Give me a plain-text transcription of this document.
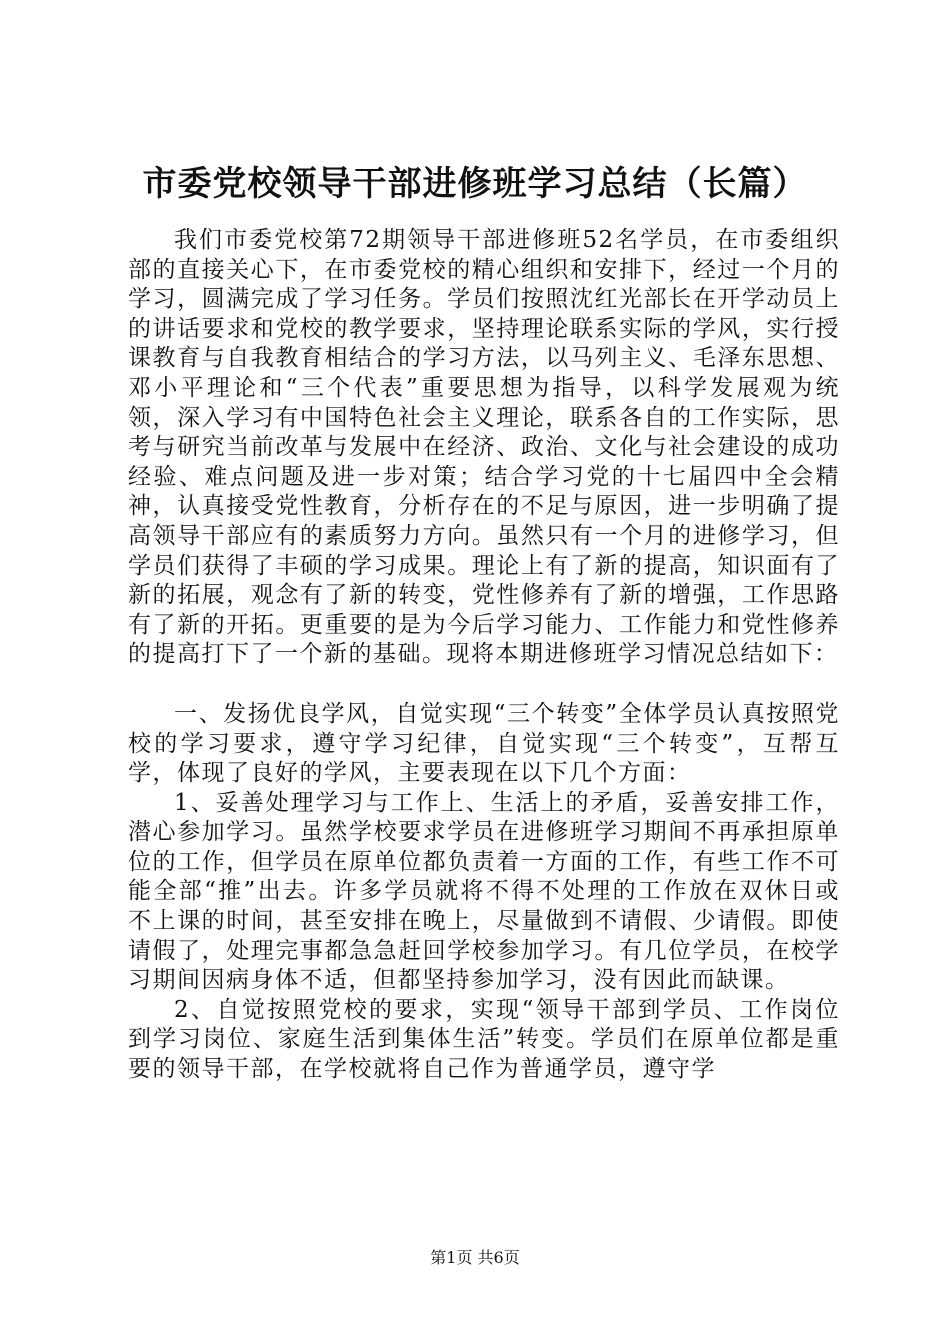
市委党校领导干部进修班学习总结（长篇）

我们市委党校第72期领导干部进修班52名学员，在市委组织部的直接关心下，在市委党校的精心组织和安排下，经过一个月的学习，圆满完成了学习任务。学员们按照沈红光部长在开学动员上的讲话要求和党校的教学要求，坚持理论联系实际的学风，实行授课教育与自我教育相结合的学习方法，以马列主义、毛泽东思想、邓小平理论和“三个代表”重要思想为指导，以科学发展观为统领，深入学习有中国特色社会主义理论，联系各自的工作实际，思考与研究当前改革与发展中在经济、政治、文化与社会建设的成功经验、难点问题及进一步对策；结合学习党的十七届四中全会精神，认真接受党性教育，分析存在的不足与原因，进一步明确了提高领导干部应有的素质努力方向。虽然只有一个月的进修学习，但学员们获得了丰硕的学习成果。理论上有了新的提高，知识面有了新的拓展，观念有了新的转变，党性修养有了新的增强，工作思路有了新的开拓。更重要的是为今后学习能力、工作能力和党性修养的提高打下了一个新的基础。现将本期进修班学习情况总结如下：

一、发扬优良学风，自觉实现“三个转变”全体学员认真按照党校的学习要求，遵守学习纪律，自觉实现“三个转变”，互帮互学，体现了良好的学风，主要表现在以下几个方面：

1、妥善处理学习与工作上、生活上的矛盾，妥善安排工作，潜心参加学习。虽然学校要求学员在进修班学习期间不再承担原单位的工作，但学员在原单位都负责着一方面的工作，有些工作不可能全部“推”出去。许多学员就将不得不处理的工作放在双休日或不上课的时间，甚至安排在晚上，尽量做到不请假、少请假。即使请假了，处理完事都急急赶回学校参加学习。有几位学员，在校学习期间因病身体不适，但都坚持参加学习，没有因此而缺课。

2、自觉按照党校的要求，实现“领导干部到学员、工作岗位到学习岗位、家庭生活到集体生活”转变。学员们在原单位都是重要的领导干部，在学校就将自己作为普通学员，遵守学

第1页 共6页
